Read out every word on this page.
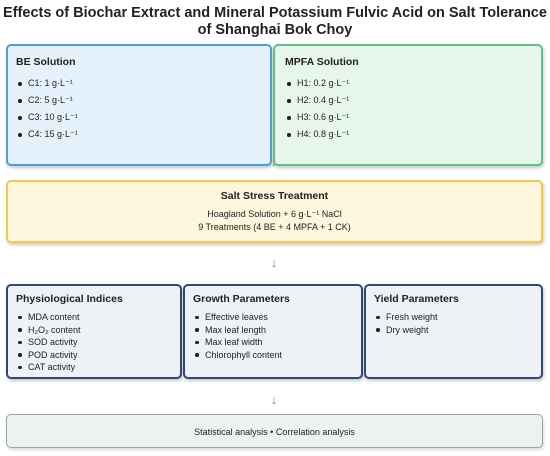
Effects of Biochar Extract and Mineral Potassium Fulvic Acid on Salt Tolerance of Shanghai Bok Choy
BE Solution
C1: 1 g·L⁻¹
C2: 5 g·L⁻¹
C3: 10 g·L⁻¹
C4: 15 g·L⁻¹
MPFA Solution
H1: 0.2 g·L⁻¹
H2: 0.4 g·L⁻¹
H3: 0.6 g·L⁻¹
H4: 0.8 g·L⁻¹
↓
Salt Stress Treatment
Hoagland Solution + 6 g·L⁻¹ NaCl
9 Treatments (4 BE + 4 MPFA + 1 CK)
↓
Physiological Indices
MDA content
H₂O₂ content
SOD activity
POD activity
CAT activity
Growth Parameters
Effective leaves
Max leaf length
Max leaf width
Chlorophyll content
Yield Parameters
Fresh weight
Dry weight
↓
Statistical analysis • Correlation analysis
